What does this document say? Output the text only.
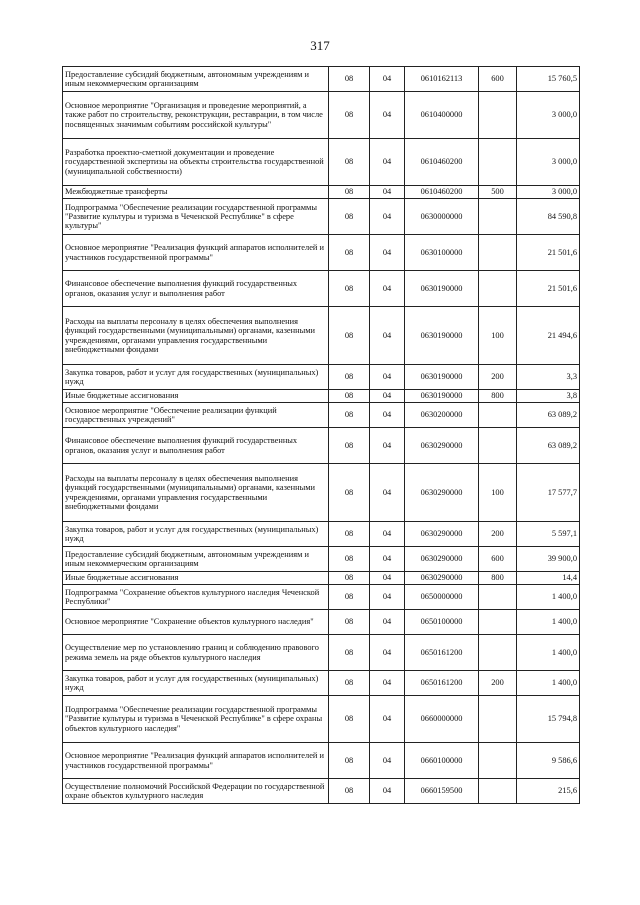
317
Предоставление субсидий бюджетным, автономным учреждениям и иным некоммерческим организациям	08	04	0610162113	600	15 760,5
Основное мероприятие "Организация и проведение мероприятий, а также работ по строительству, реконструкции, реставрации, в том числе посвященных значимым событиям российской культуры"	08	04	0610400000		3 000,0
Разработка проектно-сметной документации и проведение государственной экспертизы на объекты строительства государственной (муниципальной собственности)	08	04	0610460200		3 000,0
Межбюджетные трансферты	08	04	0610460200	500	3 000,0
Подпрограмма "Обеспечение реализации государственной программы "Развитие культуры и туризма в Чеченской Республике" в сфере культуры"	08	04	0630000000		84 590,8
Основное мероприятие "Реализация функций аппаратов исполнителей и участников государственной программы"	08	04	0630100000		21 501,6
Финансовое обеспечение выполнения функций государственных органов, оказания услуг и выполнения работ	08	04	0630190000		21 501,6
Расходы на выплаты персоналу в целях обеспечения выполнения функций государственными (муниципальными) органами, казенными учреждениями, органами управления государственными внебюджетными фондами	08	04	0630190000	100	21 494,6
Закупка товаров, работ и услуг для государственных (муниципальных) нужд	08	04	0630190000	200	3,3
Иные бюджетные ассигнования	08	04	0630190000	800	3,8
Основное мероприятие "Обеспечение реализации функций государственных учреждений"	08	04	0630200000		63 089,2
Финансовое обеспечение выполнения функций государственных органов, оказания услуг и выполнения работ	08	04	0630290000		63 089,2
Расходы на выплаты персоналу в целях обеспечения выполнения функций государственными (муниципальными) органами, казенными учреждениями, органами управления государственными внебюджетными фондами	08	04	0630290000	100	17 577,7
Закупка товаров, работ и услуг для государственных (муниципальных) нужд	08	04	0630290000	200	5 597,1
Предоставление субсидий бюджетным, автономным учреждениям и иным некоммерческим организациям	08	04	0630290000	600	39 900,0
Иные бюджетные ассигнования	08	04	0630290000	800	14,4
Подпрограмма "Сохранение объектов культурного наследия Чеченской Республики"	08	04	0650000000		1 400,0
Основное мероприятие "Сохранение объектов культурного наследия"	08	04	0650100000		1 400,0
Осуществление мер по установлению границ и соблюдению правового режима земель на ряде объектов культурного наследия	08	04	0650161200		1 400,0
Закупка товаров, работ и услуг для государственных (муниципальных) нужд	08	04	0650161200	200	1 400,0
Подпрограмма "Обеспечение реализации государственной программы "Развитие культуры и туризма в Чеченской Республике" в сфере охраны объектов культурного наследия"	08	04	0660000000		15 794,8
Основное мероприятие "Реализация функций аппаратов исполнителей и участников государственной программы"	08	04	0660100000		9 586,6
Осуществление полномочий Российской Федерации по государственной охране объектов культурного наследия	08	04	0660159500		215,6
